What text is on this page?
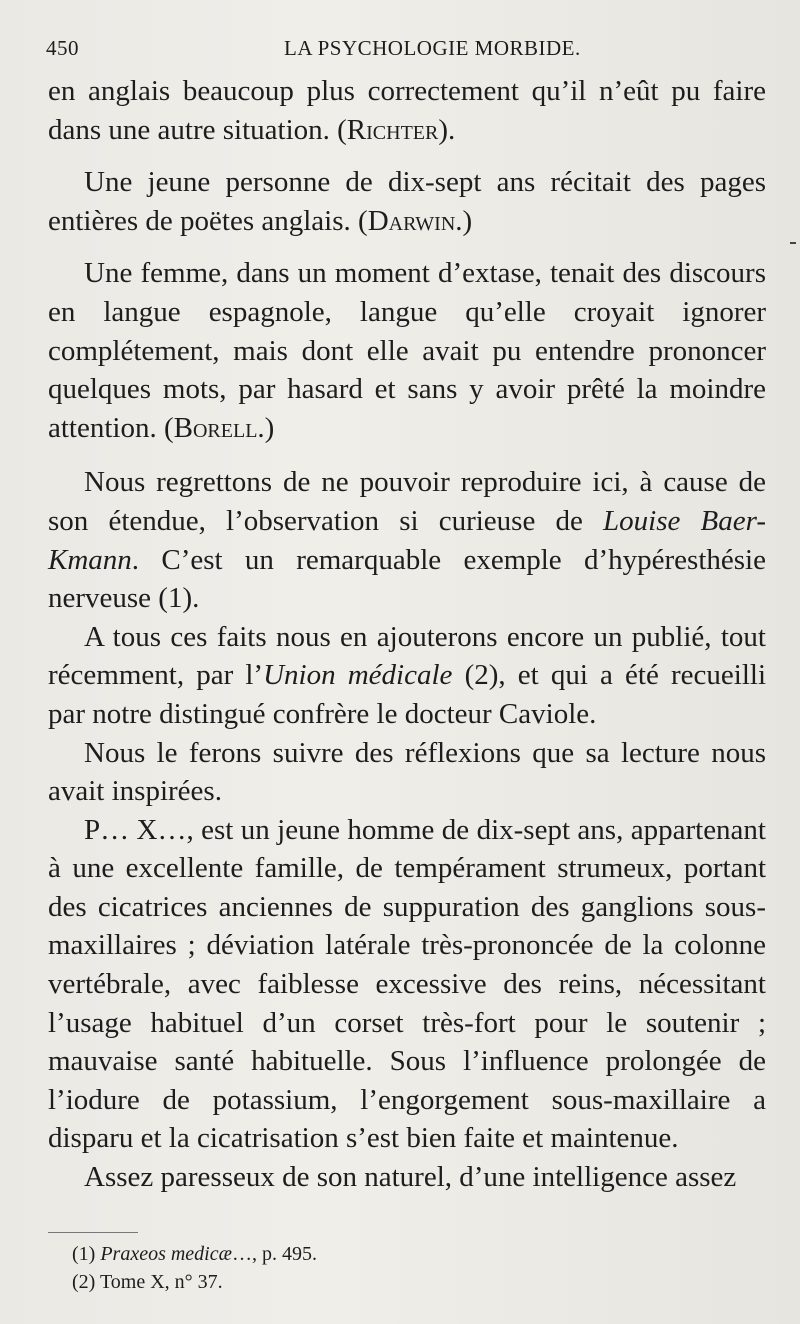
450	LA PSYCHOLOGIE MORBIDE.

en anglais beaucoup plus correctement qu’il n’eût pu faire dans une autre situation. (Richter).

Une jeune personne de dix-sept ans récitait des pages entières de poëtes anglais. (Darwin.)

Une femme, dans un moment d’extase, tenait des discours en langue espagnole, langue qu’elle croyait ignorer complétement, mais dont elle avait pu entendre prononcer quelques mots, par hasard et sans y avoir prêté la moindre attention. (Borell.)

Nous regrettons de ne pouvoir reproduire ici, à cause de son étendue, l’observation si curieuse de Louise Baer-Kmann. C’est un remarquable exemple d’hypéresthésie nerveuse (1).

A tous ces faits nous en ajouterons encore un publié, tout récemment, par l’Union médicale (2), et qui a été recueilli par notre distingué confrère le docteur Caviole.

Nous le ferons suivre des réflexions que sa lecture nous avait inspirées.

P… X…, est un jeune homme de dix-sept ans, appartenant à une excellente famille, de tempérament strumeux, portant des cicatrices anciennes de suppuration des ganglions sous-maxillaires ; déviation latérale très-prononcée de la colonne vertébrale, avec faiblesse excessive des reins, nécessitant l’usage habituel d’un corset très-fort pour le soutenir ; mauvaise santé habituelle. Sous l’influence prolongée de l’iodure de potassium, l’engorgement sous-maxillaire a disparu et la cicatrisation s’est bien faite et maintenue.

Assez paresseux de son naturel, d’une intelligence assez

(1) Praxeos medicæ…, p. 495.

(2) Tome X, n° 37.
